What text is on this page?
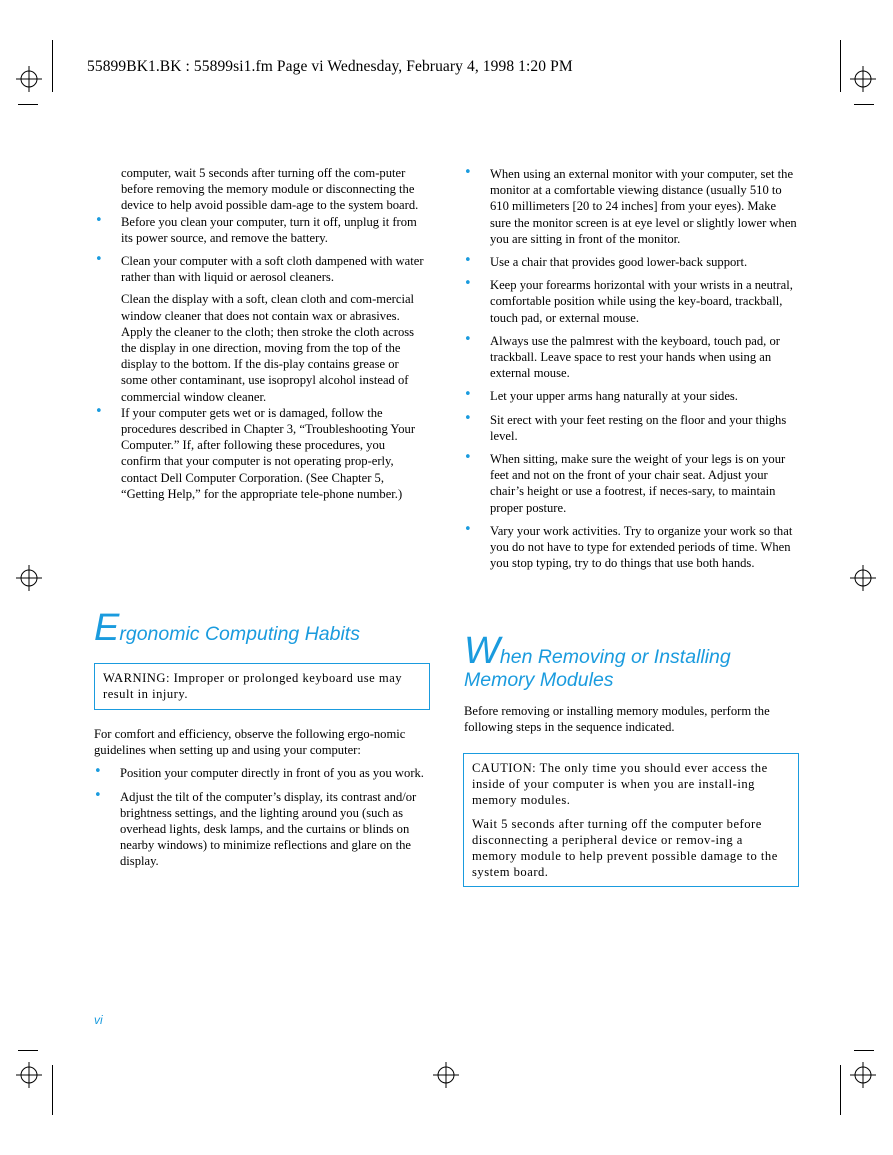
55899BK1.BK : 55899si1.fm Page vi Wednesday, February 4, 1998 1:20 PM

computer, wait 5 seconds after turning off the com-puter before removing the memory module or disconnecting the device to help avoid possible dam-age to the system board.

• Before you clean your computer, turn it off, unplug it from its power source, and remove the battery.
• Clean your computer with a soft cloth dampened with water rather than with liquid or aerosol cleaners.

Clean the display with a soft, clean cloth and com-mercial window cleaner that does not contain wax or abrasives. Apply the cleaner to the cloth; then stroke the cloth across the display in one direction, moving from the top of the display to the bottom. If the dis-play contains grease or some other contaminant, use isopropyl alcohol instead of commercial window cleaner.

• If your computer gets wet or is damaged, follow the procedures described in Chapter 3, “Troubleshooting Your Computer.” If, after following these procedures, you confirm that your computer is not operating prop-erly, contact Dell Computer Corporation. (See Chapter 5, “Getting Help,” for the appropriate tele-phone number.)
Ergonomic Computing Habits

WARNING: Improper or prolonged keyboard use may result in injury.

For comfort and efficiency, observe the following ergo-nomic guidelines when setting up and using your computer:

• Position your computer directly in front of you as you work.
• Adjust the tilt of the computer’s display, its contrast and/or brightness settings, and the lighting around you (such as overhead lights, desk lamps, and the curtains or blinds on nearby windows) to minimize reflections and glare on the display.
• When using an external monitor with your computer, set the monitor at a comfortable viewing distance (usually 510 to 610 millimeters [20 to 24 inches] from your eyes). Make sure the monitor screen is at eye level or slightly lower when you are sitting in front of the monitor.
• Use a chair that provides good lower-back support.
• Keep your forearms horizontal with your wrists in a neutral, comfortable position while using the key-board, trackball, touch pad, or external mouse.
• Always use the palmrest with the keyboard, touch pad, or trackball. Leave space to rest your hands when using an external mouse.
• Let your upper arms hang naturally at your sides.
• Sit erect with your feet resting on the floor and your thighs level.
• When sitting, make sure the weight of your legs is on your feet and not on the front of your chair seat. Adjust your chair’s height or use a footrest, if neces-sary, to maintain proper posture.
• Vary your work activities. Try to organize your work so that you do not have to type for extended periods of time. When you stop typing, try to do things that use both hands.
When Removing or Installing
Memory Modules

Before removing or installing memory modules, perform the following steps in the sequence indicated.

CAUTION: The only time you should ever access the inside of your computer is when you are install-ing memory modules.

Wait 5 seconds after turning off the computer before disconnecting a peripheral device or remov-ing a memory module to help prevent possible damage to the system board.

vi
